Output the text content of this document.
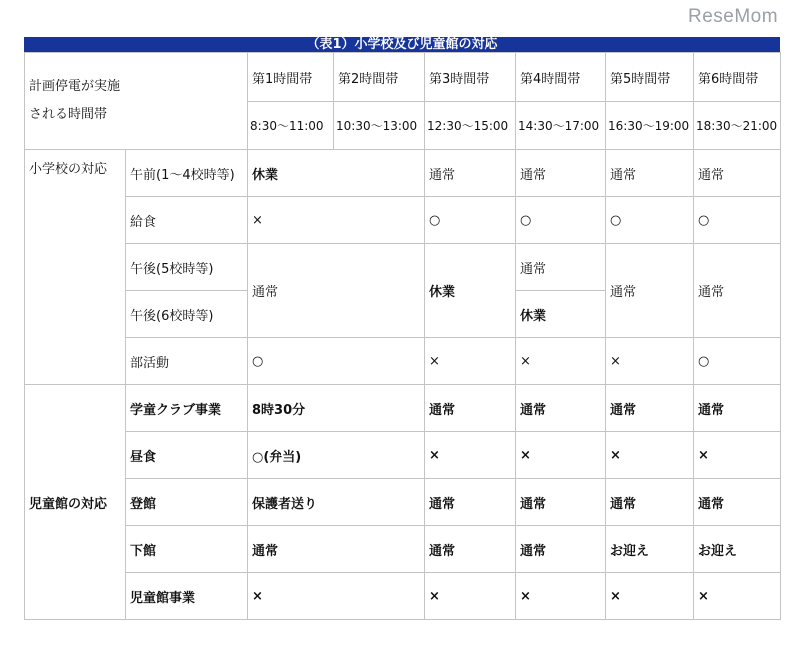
ReseMom
（表1）小学校及び児童館の対応
計画停電が実施
される時間帯		第1時間帯	第2時間帯	第3時間帯	第4時間帯	第5時間帯	第6時間帯
		8:30～11:00	10:30～13:00	12:30～15:00	14:30～17:00	16:30～19:00	18:30～21:00
小学校の対応	午前(1～4校時等)	休業		通常	通常	通常	通常
	給食	×		○	○	○	○
	午後(5校時等)	通常		休業	通常	通常	通常
	午後(6校時等)				休業		
	部活動	○		×	×	×	○
児童館の対応	学童クラブ事業	8時30分		通常	通常	通常	通常
	昼食	○(弁当)		×	×	×	×
	登館	保護者送り		通常	通常	通常	通常
	下館	通常		通常	通常	お迎え	お迎え
	児童館事業	×		×	×	×	×
